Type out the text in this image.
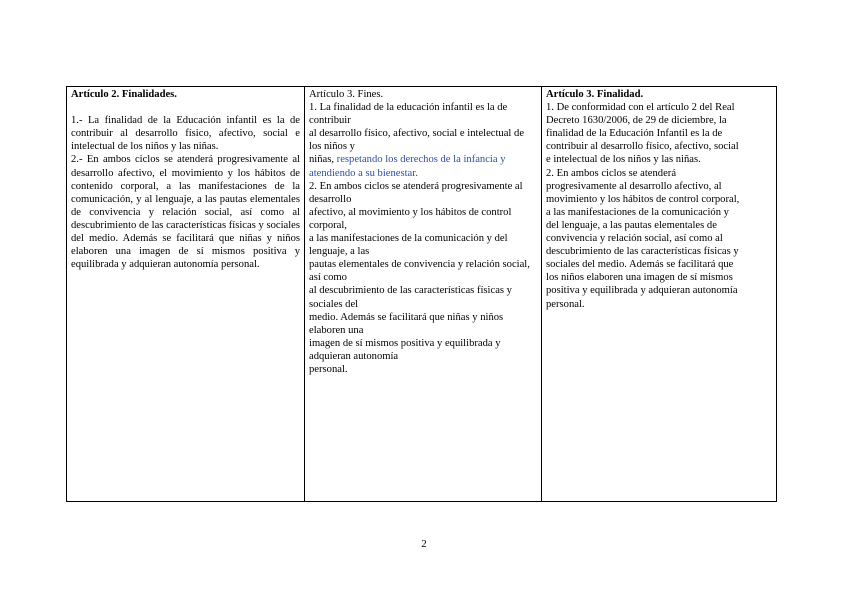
Artículo 2. Finalidades.
1.- La finalidad de la Educación infantil es la de contribuir al desarrollo físico, afectivo, social e intelectual de los niños y las niñas.
2.- En ambos ciclos se atenderá progresivamente al desarrollo afectivo, el movimiento y los hábitos de contenido corporal, a las manifestaciones de la comunicación, y al lenguaje, a las pautas elementales de convivencia y relación social, así como al descubrimiento de las características físicas y sociales del medio. Además se facilitará que niñas y niños elaboren una imagen de sí mismos positiva y equilibrada y adquieran autonomía personal.
Artículo 3. Fines.
1. La finalidad de la educación infantil es la de contribuir
al desarrollo físico, afectivo, social e intelectual de los niños y
niñas, respetando los derechos de la infancia y atendiendo a su bienestar.
2. En ambos ciclos se atenderá progresivamente al desarrollo
afectivo, al movimiento y los hábitos de control corporal,
a las manifestaciones de la comunicación y del lenguaje, a las
pautas elementales de convivencia y relación social, así como
al descubrimiento de las características físicas y sociales del
medio. Además se facilitará que niñas y niños elaboren una
imagen de sí mismos positiva y equilibrada y adquieran autonomía
personal.
Artículo 3. Finalidad.
1. De conformidad con el artículo 2 del Real
Decreto 1630/2006, de 29 de diciembre, la
finalidad de la Educación Infantil es la de
contribuir al desarrollo físico, afectivo, social
e intelectual de los niños y las niñas.
2. En ambos ciclos se atenderá
progresivamente al desarrollo afectivo, al
movimiento y los hábitos de control corporal,
a las manifestaciones de la comunicación y
del lenguaje, a las pautas elementales de
convivencia y relación social, así como al
descubrimiento de las características físicas y
sociales del medio. Además se facilitará que
los niños elaboren una imagen de sí mismos
positiva y equilibrada y adquieran autonomía
personal.
2
